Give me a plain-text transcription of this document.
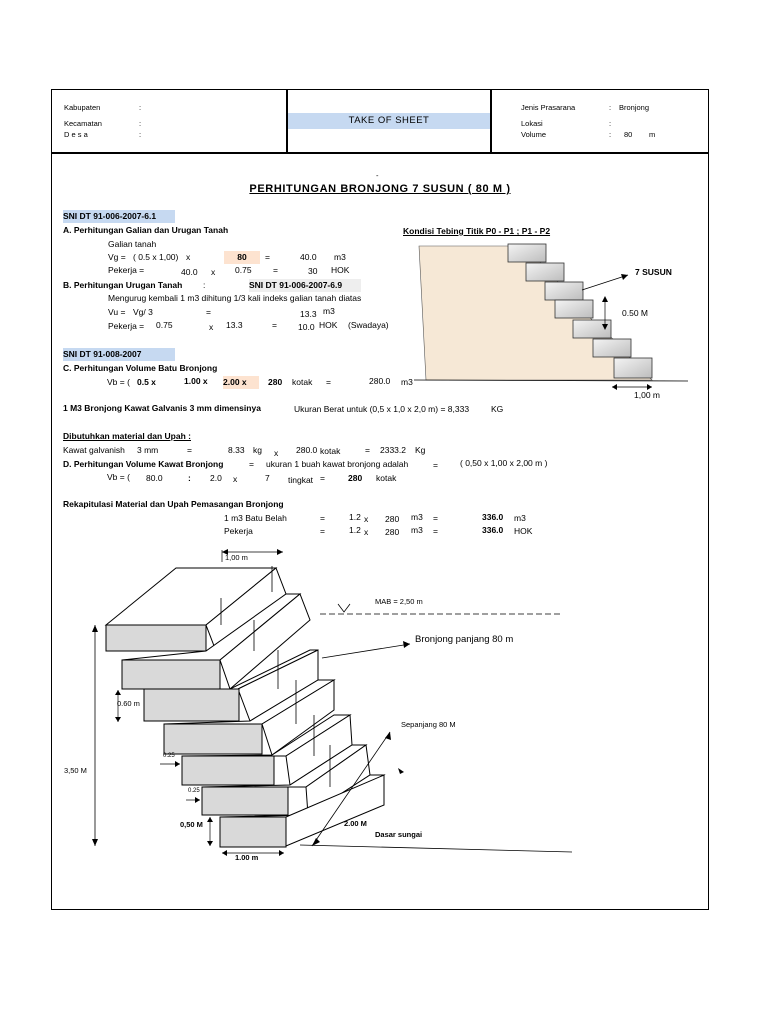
Kabupaten	:
Kecamatan	:
D e s a	:
TAKE OF SHEET
Jenis Prasarana	: Bronjong
Lokasi	:
Volume	: 80 m
-
PERHITUNGAN BRONJONG 7 SUSUN ( 80 M )
SNI DT 91-006-2007-6.1
A. Perhitungan Galian dan Urugan Tanah
Galian tanah
Vg = ( 0.5 x 1,00) x	80	=	40.0 m3
Pekerja =	40.0 x 0.75	=	30 HOK
B. Perhitungan Urugan Tanah :	SNI DT 91-006-2007-6.9
Mengurug kembali 1 m3 dihitung 1/3 kali indeks galian tanah diatas
Vu = Vg/ 3	=	13.3 m3
Pekerja = 0.75	x 13.3	= 10.0 HOK (Swadaya)
SNI DT 91-008-2007
C. Perhitungan Volume Batu Bronjong
Vb = ( 0.5 x	1.00 x 2.00 x	280 kotak =	280.0 m3
1 M3 Bronjong Kawat Galvanis 3 mm dimensinya	Ukuran Berat untuk (0,5 x 1,0 x 2,0 m) = 8,333	KG
Dibutuhkan material dan Upah :
Kawat galvanish 3 mm	=	8.33 kg x 280.0 kotak	= 2333.2 Kg
D. Perhitungan Volume Kawat Bronjong	= ukuran 1 buah kawat bronjong adalah	=	( 0,50 x 1,00 x 2,00 m )
Vb = (	80.0	: 2.0 x	7 tingkat =	280 kotak
Rekapitulasi Material dan Upah Pemasangan Bronjong
1 m3 Batu Belah	=	1.2 x 280 m3 =	336.0 m3
Pekerja	=	1.2 x 280 m3 =	336.0 HOK
Kondisi Tebing Titik P0 - P1 ; P1 - P2
7 SUSUN
0.50 M
1,00 m
1,00 m
MAB = 2,50 m
Bronjong panjang 80 m
Sepanjang 80 M
0.60 m
3,50 M
0.25
0.25
0,50 M	2.00 M
Dasar sungai
1.00 m
